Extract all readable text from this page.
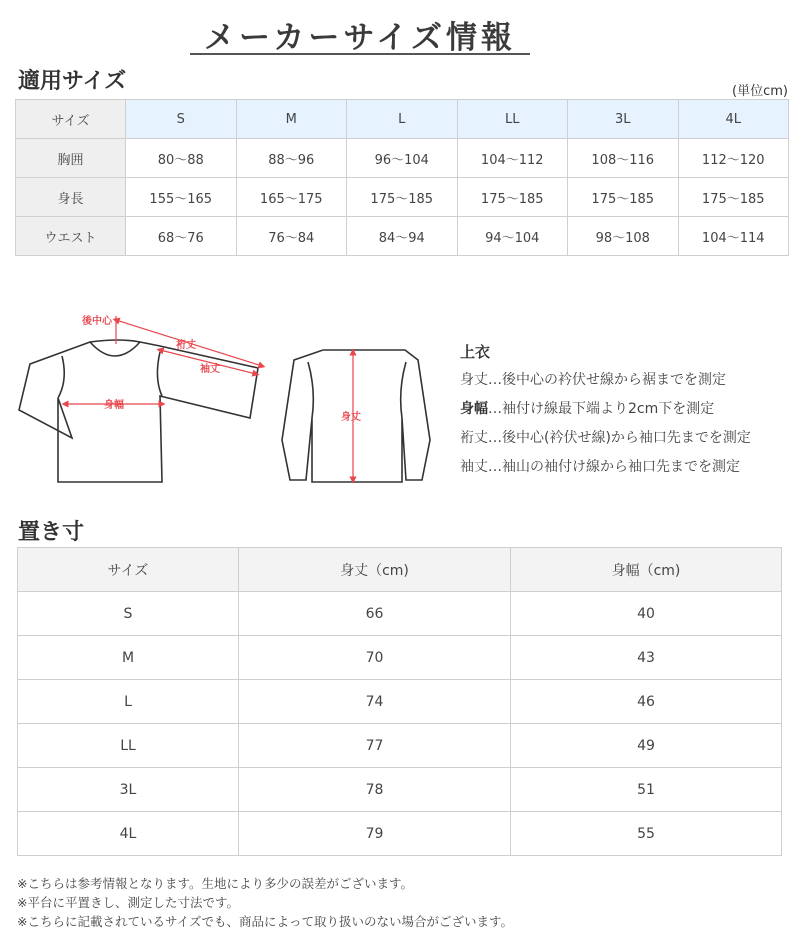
メーカーサイズ情報
適用サイズ	(単位cm)
サイズ	S	M	L	LL	3L	4L
胸囲	80〜88	88〜96	96〜104	104〜112	108〜116	112〜120
身長	155〜165	165〜175	175〜185	175〜185	175〜185	175〜185
ウエスト	68〜76	76〜84	84〜94	94〜104	98〜108	104〜114
後中心
裄丈
袖丈
身幅
身丈
上衣
身丈…後中心の衿伏せ線から裾までを測定
身幅…袖付け線最下端より2cm下を測定
裄丈…後中心(衿伏せ線)から袖口先までを測定
袖丈…袖山の袖付け線から袖口先までを測定
置き寸
サイズ	身丈（cm)	身幅（cm)
S	66	40
M	70	43
L	74	46
LL	77	49
3L	78	51
4L	79	55
※こちらは参考情報となります。生地により多少の誤差がございます。
※平台に平置きし、測定した寸法です。
※こちらに記載されているサイズでも、商品によって取り扱いのない場合がございます。
